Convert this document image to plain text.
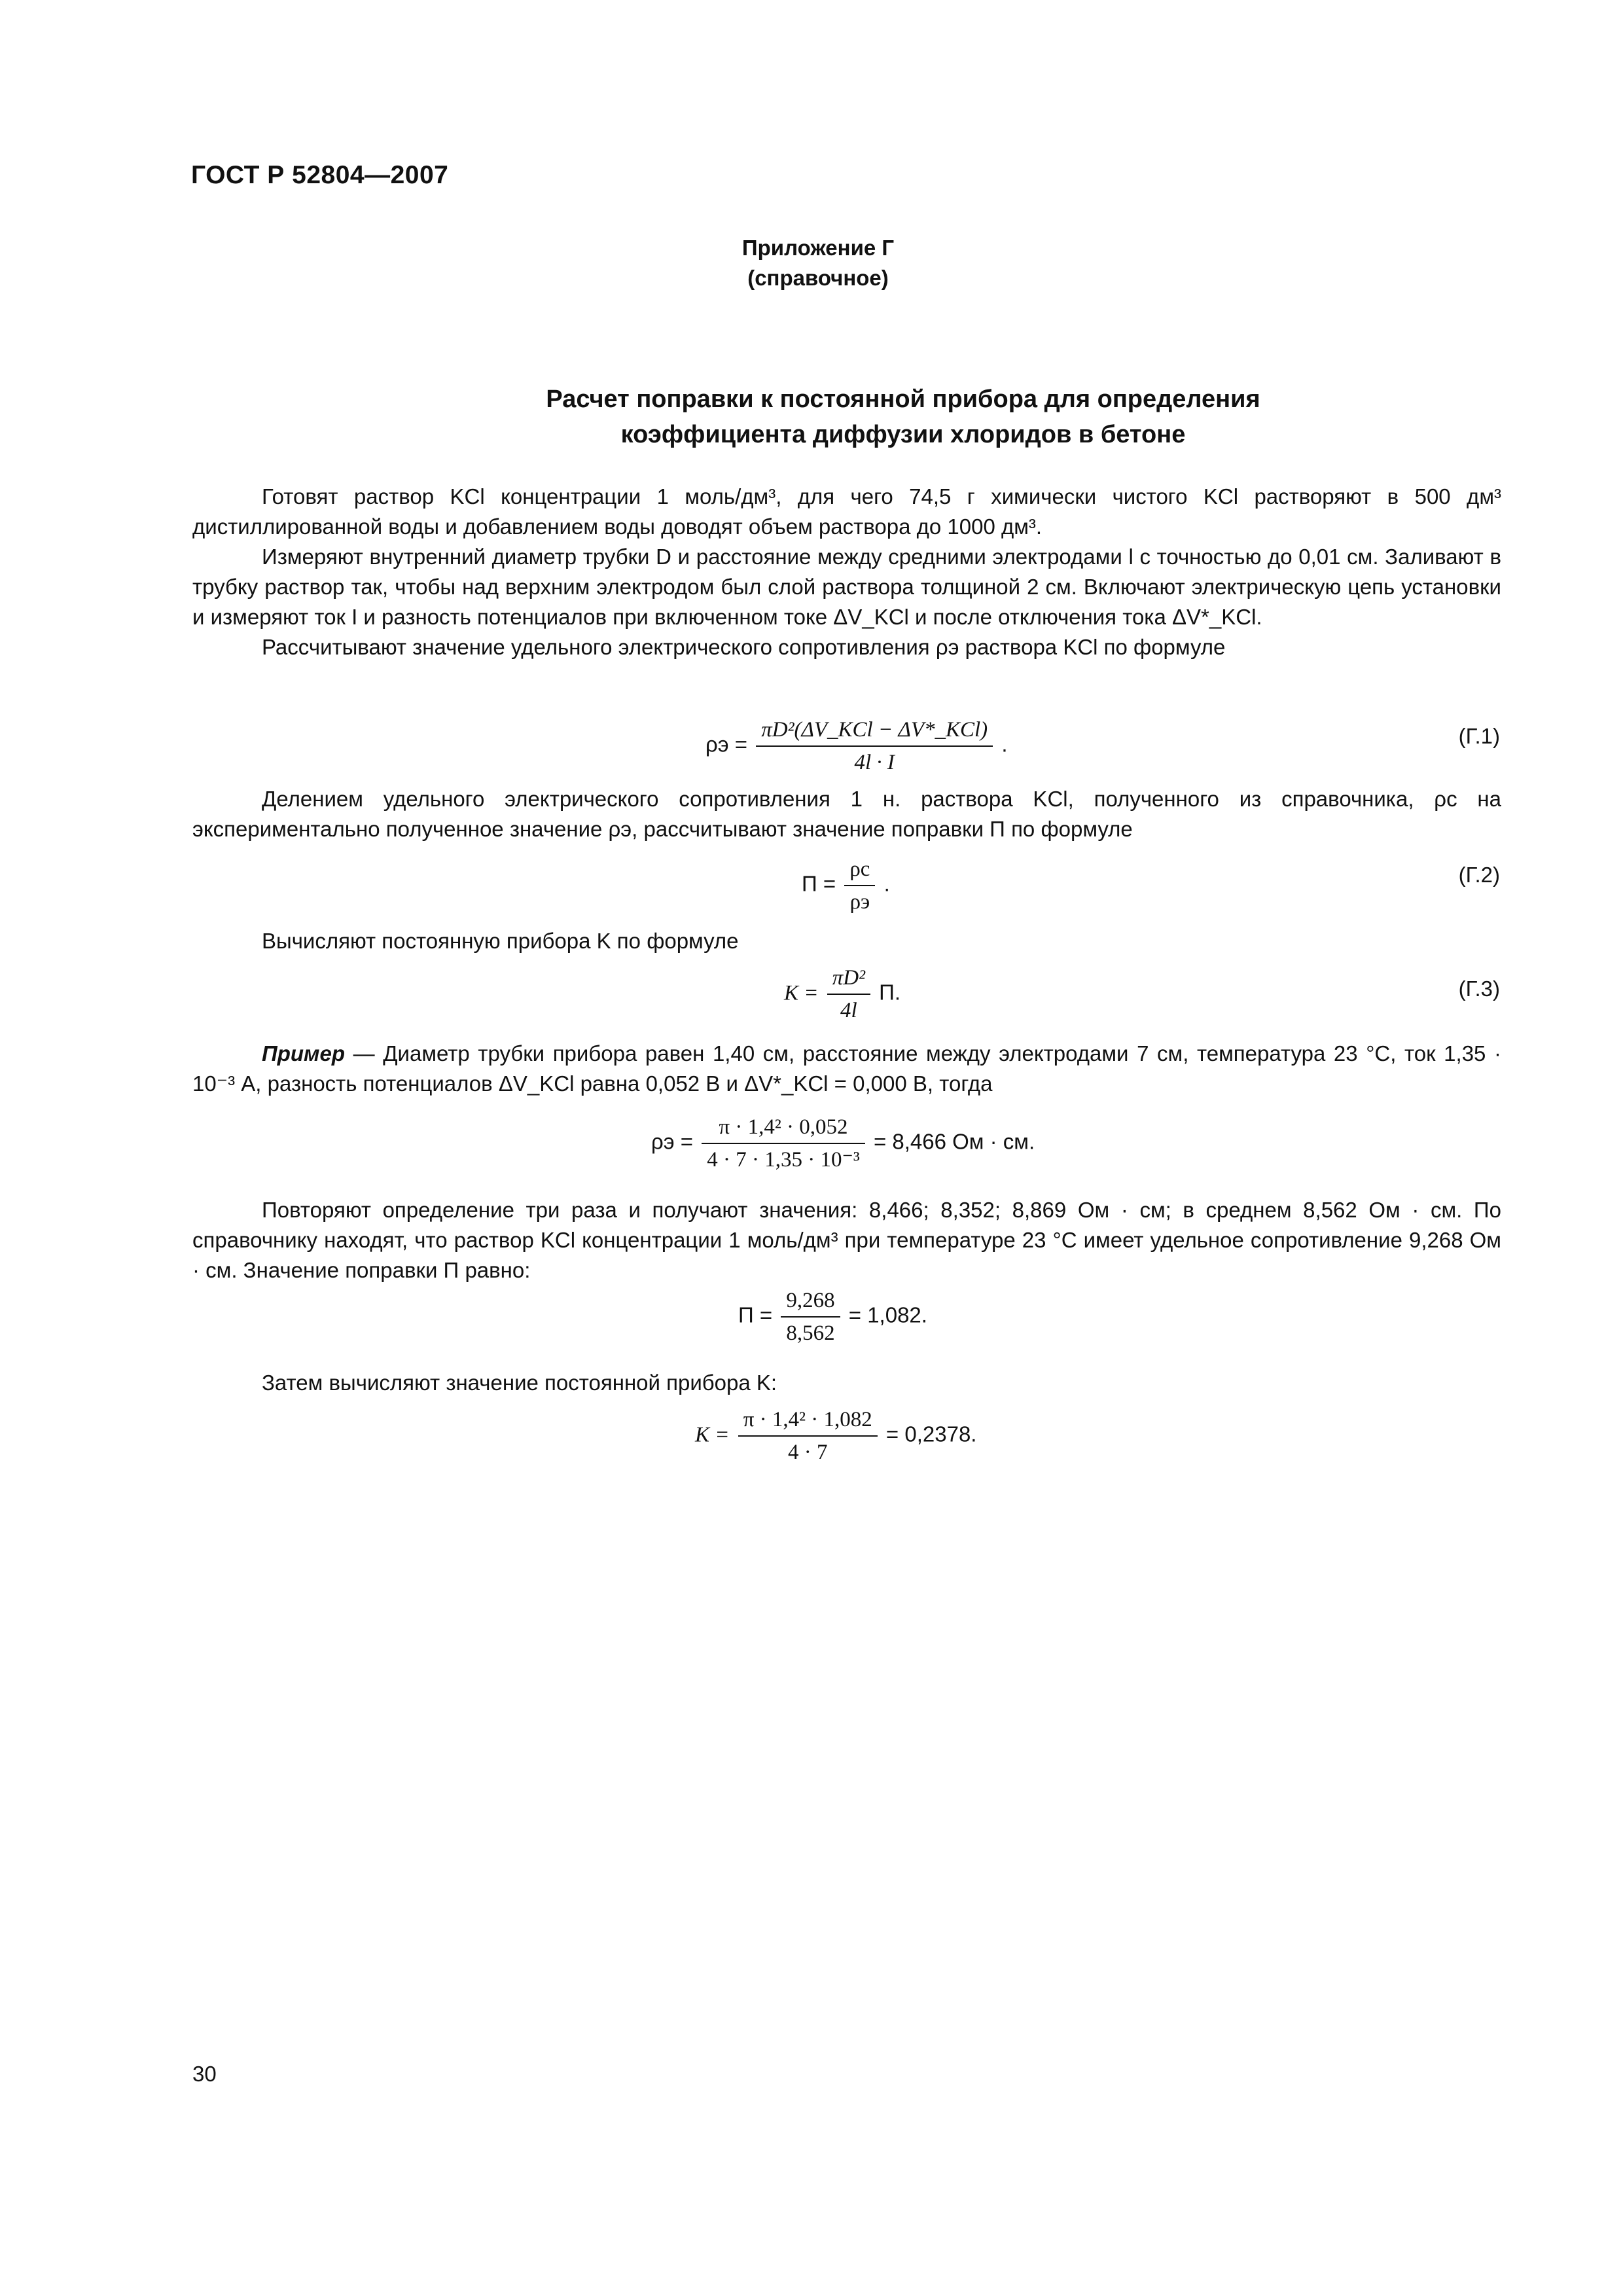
ГОСТ Р 52804—2007
Приложение Г
(справочное)
Расчет поправки к постоянной прибора для определения
коэффициента диффузии хлоридов в бетоне

Готовят раствор KCl концентрации 1 моль/дм³, для чего 74,5 г химически чистого KCl растворяют в 500 дм³ дистиллированной воды и добавлением воды доводят объем раствора до 1000 дм³.

Измеряют внутренний диаметр трубки D и расстояние между средними электродами l с точностью до 0,01 см. Заливают в трубку раствор так, чтобы над верхним электродом был слой раствора толщиной 2 см. Включают электрическую цепь установки и измеряют ток I и разность потенциалов при включенном токе ΔV_KCl и после отключения тока ΔV*_KCl.

Рассчитывают значение удельного электрического сопротивления ρэ раствора KCl по формуле

$\rho э = \frac{\text{πD²(ΔV\_KCl − ΔV*\_KCl)}}{4l \cdot I}$ .	(Г.1)

Делением удельного электрического сопротивления 1 н. раствора KCl, полученного из справочника, ρс на экспериментально полученное значение ρэ, рассчитывают значение поправки П по формуле

$П = \frac{\rho с}{\rho э}$ .	(Г.2)

Вычисляют постоянную прибора K по формуле

$K = \frac{\text{πD²}}{4l} П$.	(Г.3)

Пример — Диаметр трубки прибора равен 1,40 см, расстояние между электродами 7 см, температура 23 °С, ток 1,35 · 10⁻³ А, разность потенциалов ΔV_KCl равна 0,052 В и ΔV*_KCl = 0,000 В, тогда

$\rho э = \frac{\text{π · 1,4² · 0,052}}{\text{4 · 7 · 1,35 · 10⁻³}} = 8,466$ Ом · см.

Повторяют определение три раза и получают значения: 8,466; 8,352; 8,869 Ом · см; в среднем 8,562 Ом · см. По справочнику находят, что раствор KCl концентрации 1 моль/дм³ при температуре 23 °С имеет удельное сопротивление 9,268 Ом · см. Значение поправки П равно:

$П = \frac{9,268}{8,562} = 1,082$.

Затем вычисляют значение постоянной прибора K:

$K = \frac{\text{π · 1,4² · 1,082}}{4 \cdot 7} = 0,2378$.
30
